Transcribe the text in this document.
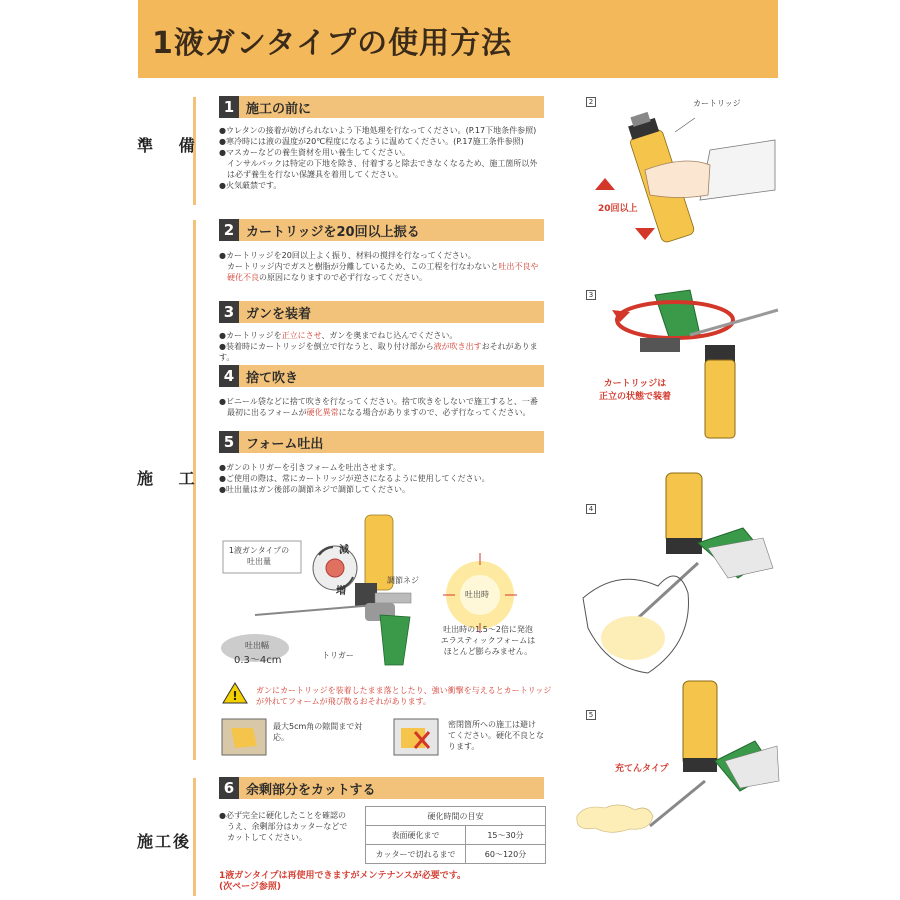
1液ガンタイプの使用方法
準 備
施 工
施工後
1 施工の前に

●ウレタンの接着が妨げられないよう下地処理を行なってください。(P.17下地条件参照)

●寒冷時には液の温度が20℃程度になるように温めてください。(P.17施工条件参照)

●マスカーなどの養生資材を用い養生してください。

　インサルパックは特定の下地を除き、付着すると除去できなくなるため、施工箇所以外

　は必ず養生を行ない保護具を着用してください。

●火気厳禁です。

2 カートリッジを20回以上振る

●カートリッジを20回以上よく振り、材料の撹拌を行なってください。

　カートリッジ内でガスと樹脂が分離しているため、この工程を行なわないと吐出不良や

　硬化不良の原因になりますので必ず行なってください。

3 ガンを装着

●カートリッジを正立にさせ、ガンを奥までねじ込んでください。

●装着時にカートリッジを倒立で行なうと、取り付け部から液が吹き出すおそれがあります。

4 捨て吹き

●ビニール袋などに捨て吹きを行なってください。捨て吹きをしないで施工すると、一番

　最初に出るフォームが硬化異常になる場合がありますので、必ず行なってください。

5 フォーム吐出

●ガンのトリガーを引きフォームを吐出させます。

●ご使用の際は、常にカートリッジが逆さになるように使用してください。

●吐出量はガン後部の調節ネジで調節してください。

1液ガンタイプの
吐出量
減
増
調節ネジ
トリガー
吐出幅
0.3〜4cm
吐出時
吐出時の1.5〜2倍に発泡
エラスティックフォームは
ほとんど膨らみません。
! ガンにカートリッジを装着したまま落としたり、強い衝撃を与えるとカートリッジ

が外れてフォームが飛び散るおそれがあります。

最大5cm角の隙間まで対

応。

密閉箇所への施工は避け

てください。硬化不良とな

ります。

6 余剰部分をカットする

●必ず完全に硬化したことを確認の

　うえ、余剰部分はカッターなどで

　カットしてください。

硬化時間の目安	
表面硬化まで	15〜30分
カッターで切れるまで	60〜120分

1液ガンタイプは再使用できますがメンテナンスが必要です。

(次ページ参照)

2	カートリッジ
20回以上
3
カートリッジは
正立の状態で装着
4
5
充てんタイプ
